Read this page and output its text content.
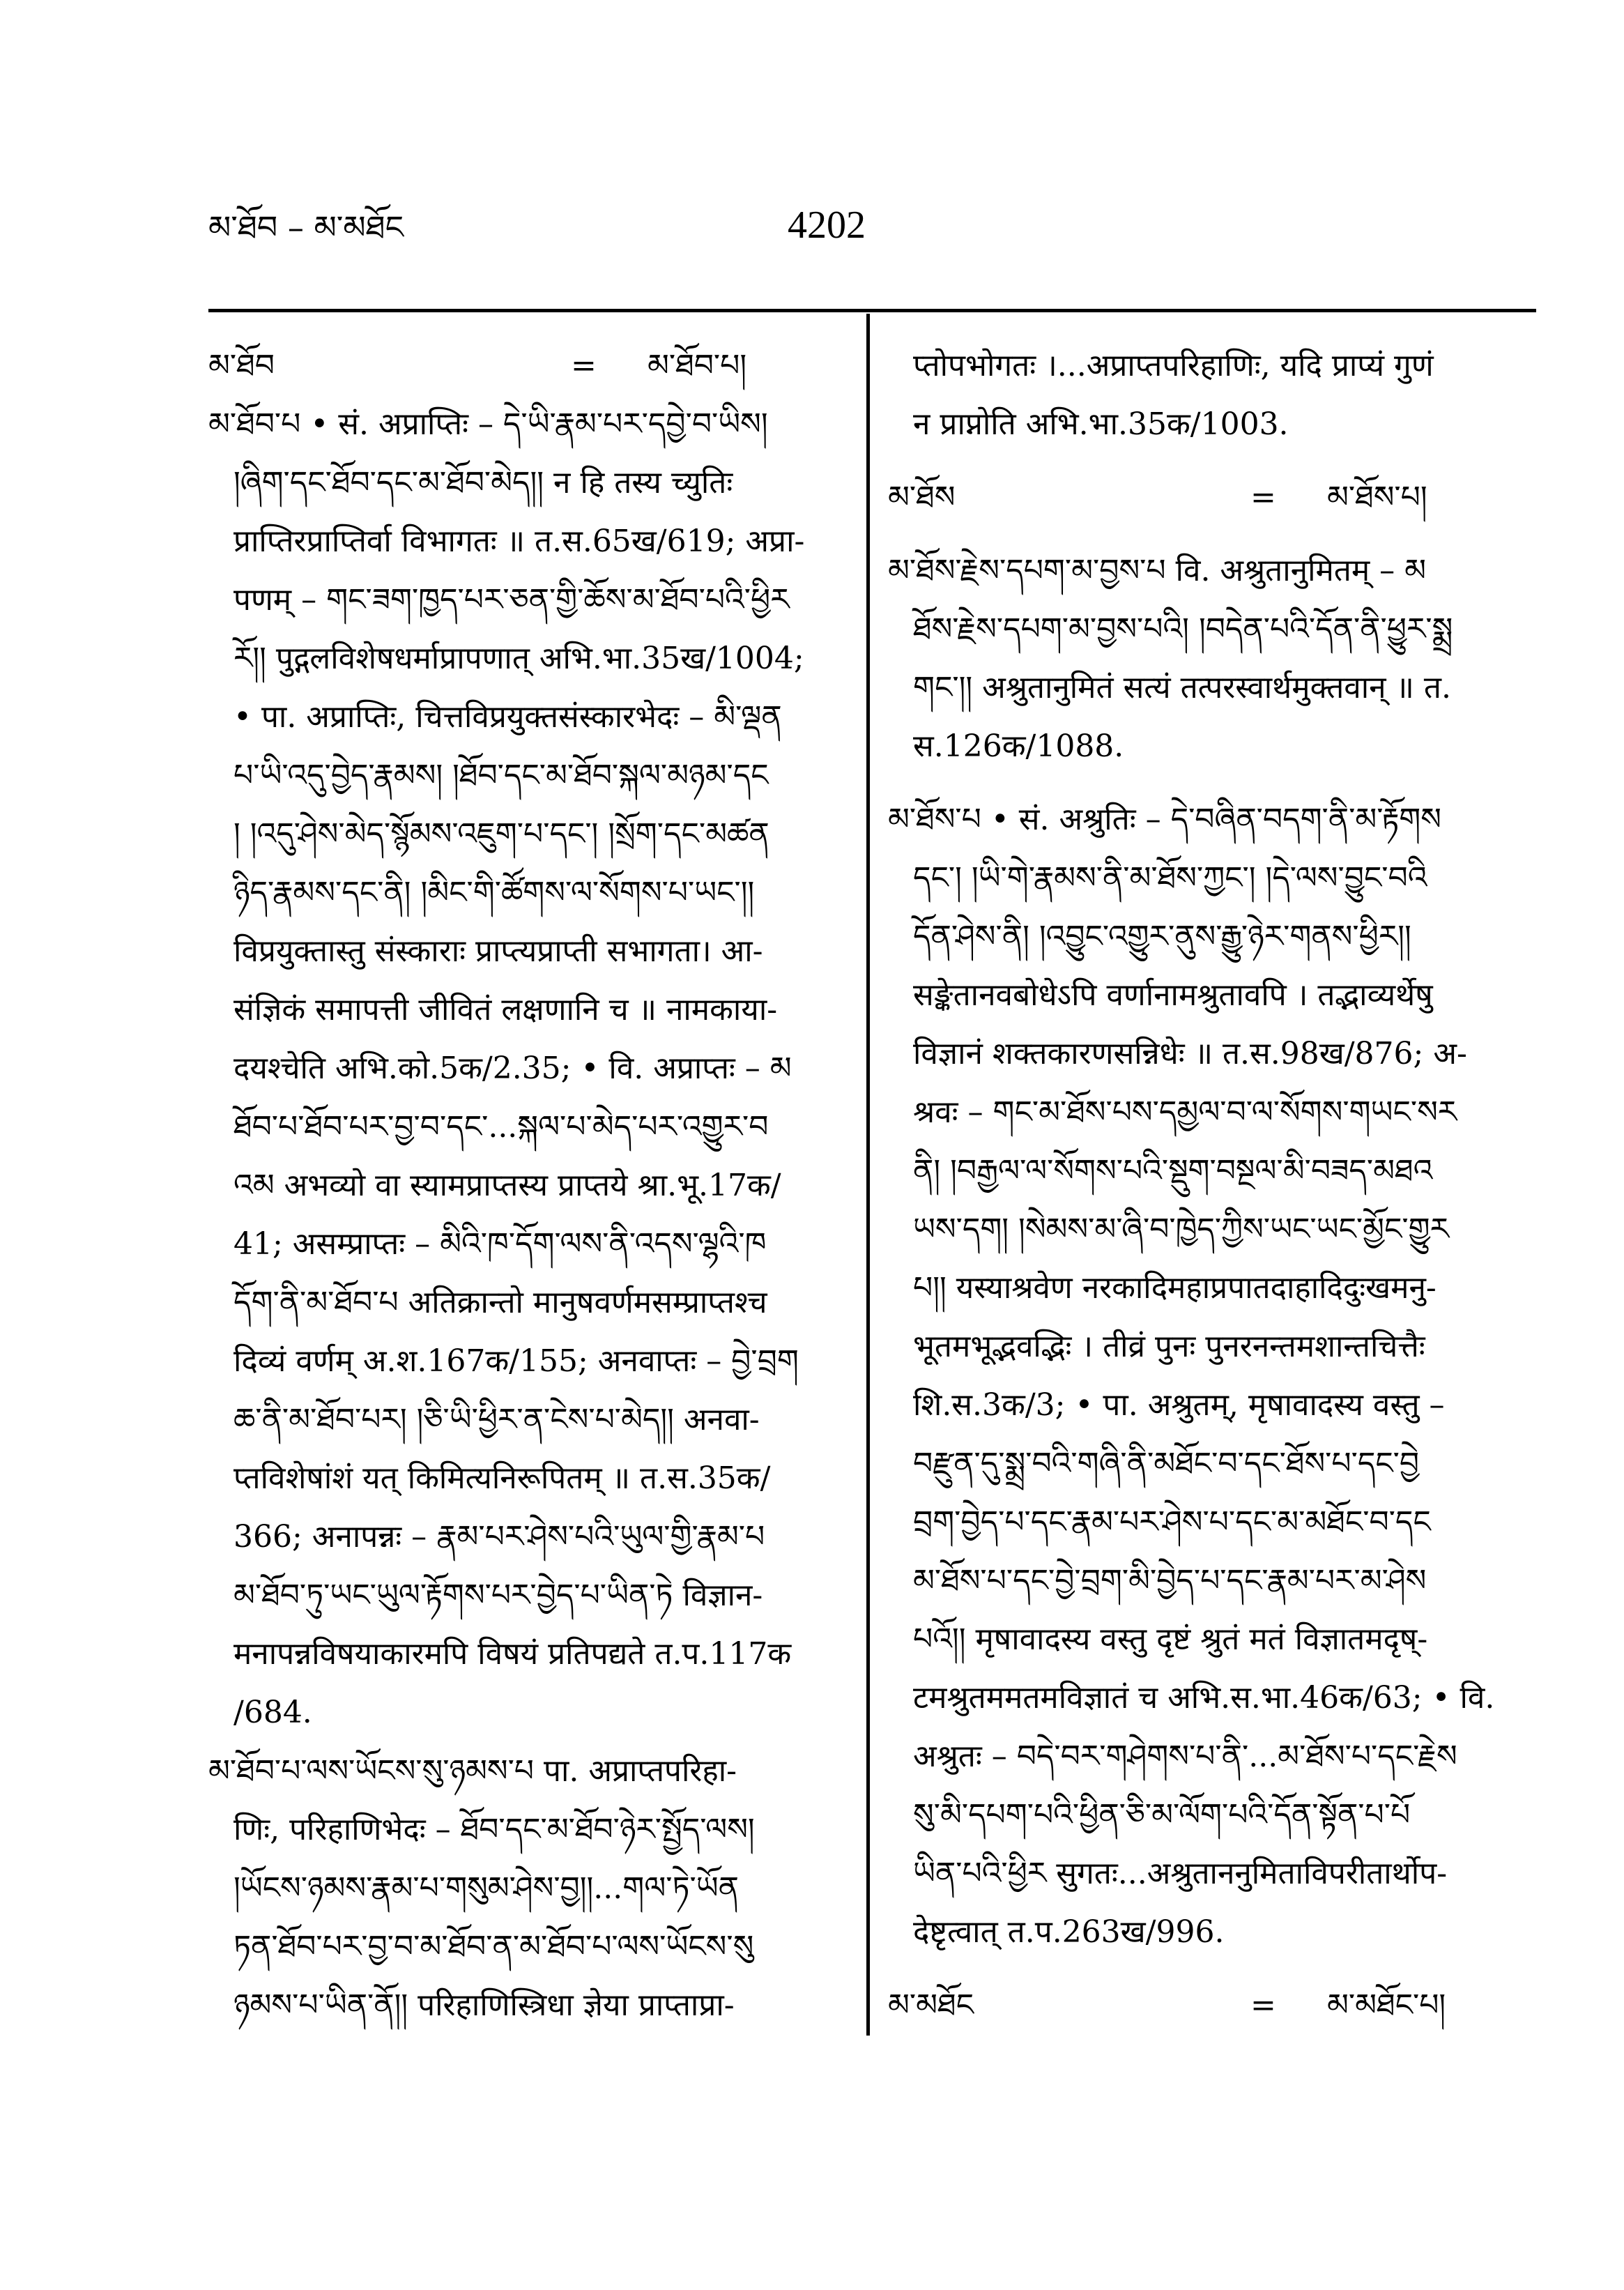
མ་ཐོབ – མ་མཐོང	4202
མ་ཐོབ	=	མ་ཐོབ་པ།
མ་ཐོབ་པ • सं. अप्राप्तिः – དེ་ཡི་རྣམ་པར་དབྱེ་བ་ཡིས།
།ཞིག་དང་ཐོབ་དང་མ་ཐོབ་མེད།། न हि तस्य च्युतिः
प्राप्तिरप्राप्तिर्वा विभागतः ॥ त.स.65ख/619; अप्रा-
पणम् – གང་ཟག་ཁྱད་པར་ཅན་གྱི་ཆོས་མ་ཐོབ་པའི་ཕྱིར
རོ།། पुद्गलविशेषधर्माप्रापणात् अभि.भा.35ख/1004;
• पा. अप्राप्तिः, चित्तविप्रयुक्तसंस्कारभेदः – མི་ལྡན
པ་ཡི་འདུ་བྱེད་རྣམས། །ཐོབ་དང་མ་ཐོབ་སྐལ་མཉམ་དང
། །འདུ་ཤེས་མེད་སྙོམས་འཇུག་པ་དང་། །སྲོག་དང་མཚན
ཉིད་རྣམས་དང་ནི། །མིང་གི་ཚོགས་ལ་སོགས་པ་ཡང་།།
विप्रयुक्तास्तु संस्काराः प्राप्त्यप्राप्ती सभागता। आ-
संज्ञिकं समापत्ती जीवितं लक्षणानि च ॥ नामकाया-
दयश्चेति अभि.को.5क/2.35; • वि. अप्राप्तः – མ
ཐོབ་པ་ཐོབ་པར་བྱ་བ་དང་...སྐལ་པ་མེད་པར་འགྱུར་བ
འམ अभव्यो वा स्यामप्राप्तस्य प्राप्तये श्रा.भू.17क/
41; असम्प्राप्तः – མིའི་ཁ་དོག་ལས་ནི་འདས་ལྷའི་ཁ
དོག་ནི་མ་ཐོབ་པ अतिक्रान्तो मानुषवर्णमसम्प्राप्तश्च
दिव्यं वर्णम् अ.श.167क/155; अनवाप्तः – བྱེ་བྲག
ཆ་ནི་མ་ཐོབ་པར། །ཅི་ཡི་ཕྱིར་ན་ངེས་པ་མེད།། अनवा-
प्तविशेषांशं यत् किमित्यनिरूपितम् ॥ त.स.35क/
366; अनापन्नः – རྣམ་པར་ཤེས་པའི་ཡུལ་གྱི་རྣམ་པ
མ་ཐོབ་ཏུ་ཡང་ཡུལ་རྟོགས་པར་བྱེད་པ་ཡིན་ཏེ विज्ञान-
मनापन्नविषयाकारमपि विषयं प्रतिपद्यते त.प.117क
/684.
མ་ཐོབ་པ་ལས་ཡོངས་སུ་ཉམས་པ पा. अप्राप्तपरिहा-
णिः, परिहाणिभेदः – ཐོབ་དང་མ་ཐོབ་ཉེར་སྤྱོད་ལས།
།ཡོངས་ཉམས་རྣམ་པ་གསུམ་ཤེས་བྱ།།...གལ་ཏེ་ཡོན
ཏན་ཐོབ་པར་བྱ་བ་མ་ཐོབ་ན་མ་ཐོབ་པ་ལས་ཡོངས་སུ
ཉམས་པ་ཡིན་ནོ།། परिहाणिस्त्रिधा ज्ञेया प्राप्ताप्रा-
प्तोपभोगतः ।...अप्राप्तपरिहाणिः, यदि प्राप्यं गुणं
न प्राप्नोति अभि.भा.35क/1003.
མ་ཐོས	=	མ་ཐོས་པ།
མ་ཐོས་རྗེས་དཔག་མ་བྱས་པ वि. अश्रुतानुमितम् – མ
ཐོས་རྗེས་དཔག་མ་བྱས་པའི། །བདེན་པའི་དོན་ནི་ཕྱུར་སྨྲ
གང་།། अश्रुतानुमितं सत्यं तत्परस्वार्थमुक्तवान् ॥ त.
स.126क/1088.
མ་ཐོས་པ • सं. अश्रुतिः – དེ་བཞིན་བདག་ནི་མ་རྟོགས
དང་། །ཡི་གེ་རྣམས་ནི་མ་ཐོས་ཀྱང་། །དེ་ལས་བྱུང་བའི
དོན་ཤེས་ནི། །འབྱུང་འགྱུར་ནུས་རྒྱུ་ཉེར་གནས་ཕྱིར།།
सङ्केतानवबोधेऽपि वर्णानामश्रुतावपि । तद्भाव्यर्थेषु
विज्ञानं शक्तकारणसन्निधेः ॥ त.स.98ख/876; अ-
श्रवः – གང་མ་ཐོས་པས་དམྱལ་བ་ལ་སོགས་གཡང་སར
ནི། །བརྒྱལ་ལ་སོགས་པའི་སྡུག་བསྔལ་མི་བཟད་མཐའ
ཡས་དག། །སེམས་མ་ཞི་བ་ཁྱེད་ཀྱིས་ཡང་ཡང་མྱོང་གྱུར
པ།། यस्याश्रवेण नरकादिमहाप्रपातदाहादिदुःखमनु-
भूतमभूद्भवद्भिः । तीव्रं पुनः पुनरनन्तमशान्तचित्तैः
शि.स.3क/3; • पा. अश्रुतम्, मृषावादस्य वस्तु –
བརྫུན་དུ་སྨྲ་བའི་གཞི་ནི་མཐོང་བ་དང་ཐོས་པ་དང་བྱེ
བྲག་བྱེད་པ་དང་རྣམ་པར་ཤེས་པ་དང་མ་མཐོང་བ་དང
མ་ཐོས་པ་དང་བྱེ་བྲག་མི་བྱེད་པ་དང་རྣམ་པར་མ་ཤེས
པའོ།། मृषावादस्य वस्तु दृष्टं श्रुतं मतं विज्ञातमदृष्-
टमश्रुतममतमविज्ञातं च अभि.स.भा.46क/63; • वि.
अश्रुतः – བདེ་བར་གཤེགས་པ་ནི་...མ་ཐོས་པ་དང་རྗེས
སུ་མི་དཔག་པའི་ཕྱིན་ཅི་མ་ལོག་པའི་དོན་སྟོན་པ་པོ
ཡིན་པའི་ཕྱིར सुगतः...अश्रुताननुमिताविपरीतार्थोप-
देष्टृत्वात् त.प.263ख/996.
མ་མཐོང	=	མ་མཐོང་པ།
